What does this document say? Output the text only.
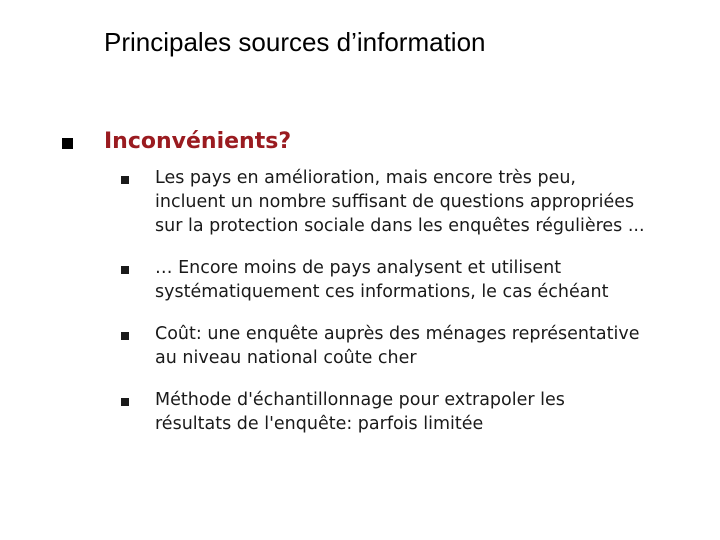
Principales sources d’information
Inconvénients?
Les pays en amélioration, mais encore très peu,
incluent un nombre suffisant de questions appropriées
sur la protection sociale dans les enquêtes régulières ...
… Encore moins de pays analysent et utilisent
systématiquement ces informations, le cas échéant
Coût: une enquête auprès des ménages représentative
au niveau national coûte cher
Méthode d'échantillonnage pour extrapoler les
résultats de l'enquête: parfois limitée
